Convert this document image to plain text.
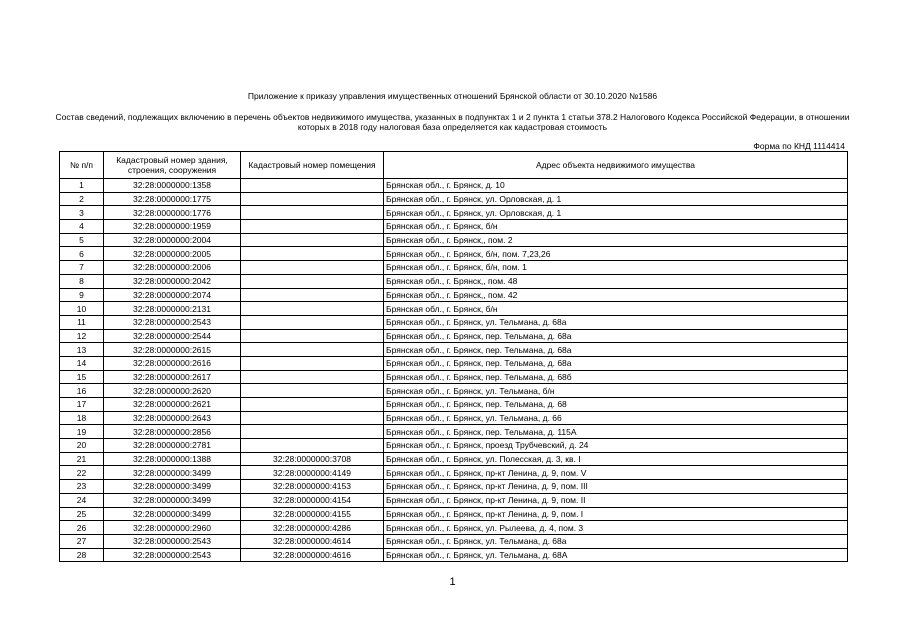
Приложение к приказу управления имущественных отношений Брянской области от 30.10.2020 №1586
Состав сведений, подлежащих включению в перечень объектов недвижимого имущества, указанных в подпунктах 1 и 2 пункта 1 статьи 378.2 Налогового Кодекса Российской Федерации, в отношении которых в 2018 году налоговая база определяется как кадастровая стоимость
Форма по КНД 1114414
№ п/п	Кадастровый номер здания, строения, сооружения	Кадастровый номер помещения	Адрес объекта недвижимого имущества
1	32:28:0000000:1358		Брянская обл., г. Брянск, д. 10
2	32:28:0000000:1775		Брянская обл., г. Брянск, ул. Орловская, д. 1
3	32:28:0000000:1776		Брянская обл., г. Брянск, ул. Орловская, д. 1
4	32:28:0000000:1959		Брянская обл., г. Брянск, б/н
5	32:28:0000000:2004		Брянская обл., г. Брянск,, пом. 2
6	32:28:0000000:2005		Брянская обл., г. Брянск, б/н, пом. 7,23,26
7	32:28:0000000:2006		Брянская обл., г. Брянск, б/н, пом. 1
8	32:28:0000000:2042		Брянская обл., г. Брянск,, пом. 48
9	32:28:0000000:2074		Брянская обл., г. Брянск,, пом. 42
10	32:28:0000000:2131		Брянская обл., г. Брянск, б/н
11	32:28:0000000:2543		Брянская обл., г. Брянск, ул. Тельмана, д. 68а
12	32:28:0000000:2544		Брянская обл., г. Брянск, пер. Тельмана, д. 68а
13	32:28:0000000:2615		Брянская обл., г. Брянск, пер. Тельмана, д. 68а
14	32:28:0000000:2616		Брянская обл., г. Брянск, пер. Тельмана, д. 68а
15	32:28:0000000:2617		Брянская обл., г. Брянск, пер. Тельмана, д. 68б
16	32:28:0000000:2620		Брянская обл., г. Брянск, ул. Тельмана, б/н
17	32:28:0000000:2621		Брянская обл., г. Брянск, пер. Тельмана, д. 68
18	32:28:0000000:2643		Брянская обл., г. Брянск, ул. Тельмана, д. 66
19	32:28:0000000:2856		Брянская обл., г. Брянск, пер. Тельмана, д. 115А
20	32:28:0000000:2781		Брянская обл., г. Брянск, проезд Трубчевский, д. 24
21	32:28:0000000:1388	32:28:0000000:3708	Брянская обл., г. Брянск, ул. Полесская, д. 3, кв. I
22	32:28:0000000:3499	32:28:0000000:4149	Брянская обл., г. Брянск, пр-кт Ленина, д. 9, пом. V
23	32:28:0000000:3499	32:28:0000000:4153	Брянская обл., г. Брянск, пр-кт Ленина, д. 9, пом. III
24	32:28:0000000:3499	32:28:0000000:4154	Брянская обл., г. Брянск, пр-кт Ленина, д. 9, пом. II
25	32:28:0000000:3499	32:28:0000000:4155	Брянская обл., г. Брянск, пр-кт Ленина, д. 9, пом. I
26	32:28:0000000:2960	32:28:0000000:4286	Брянская обл., г. Брянск, ул. Рылеева, д. 4, пом. 3
27	32:28:0000000:2543	32:28:0000000:4614	Брянская обл., г. Брянск, ул. Тельмана, д. 68а
28	32:28:0000000:2543	32:28:0000000:4616	Брянская обл., г. Брянск, ул. Тельмана, д. 68А
1
